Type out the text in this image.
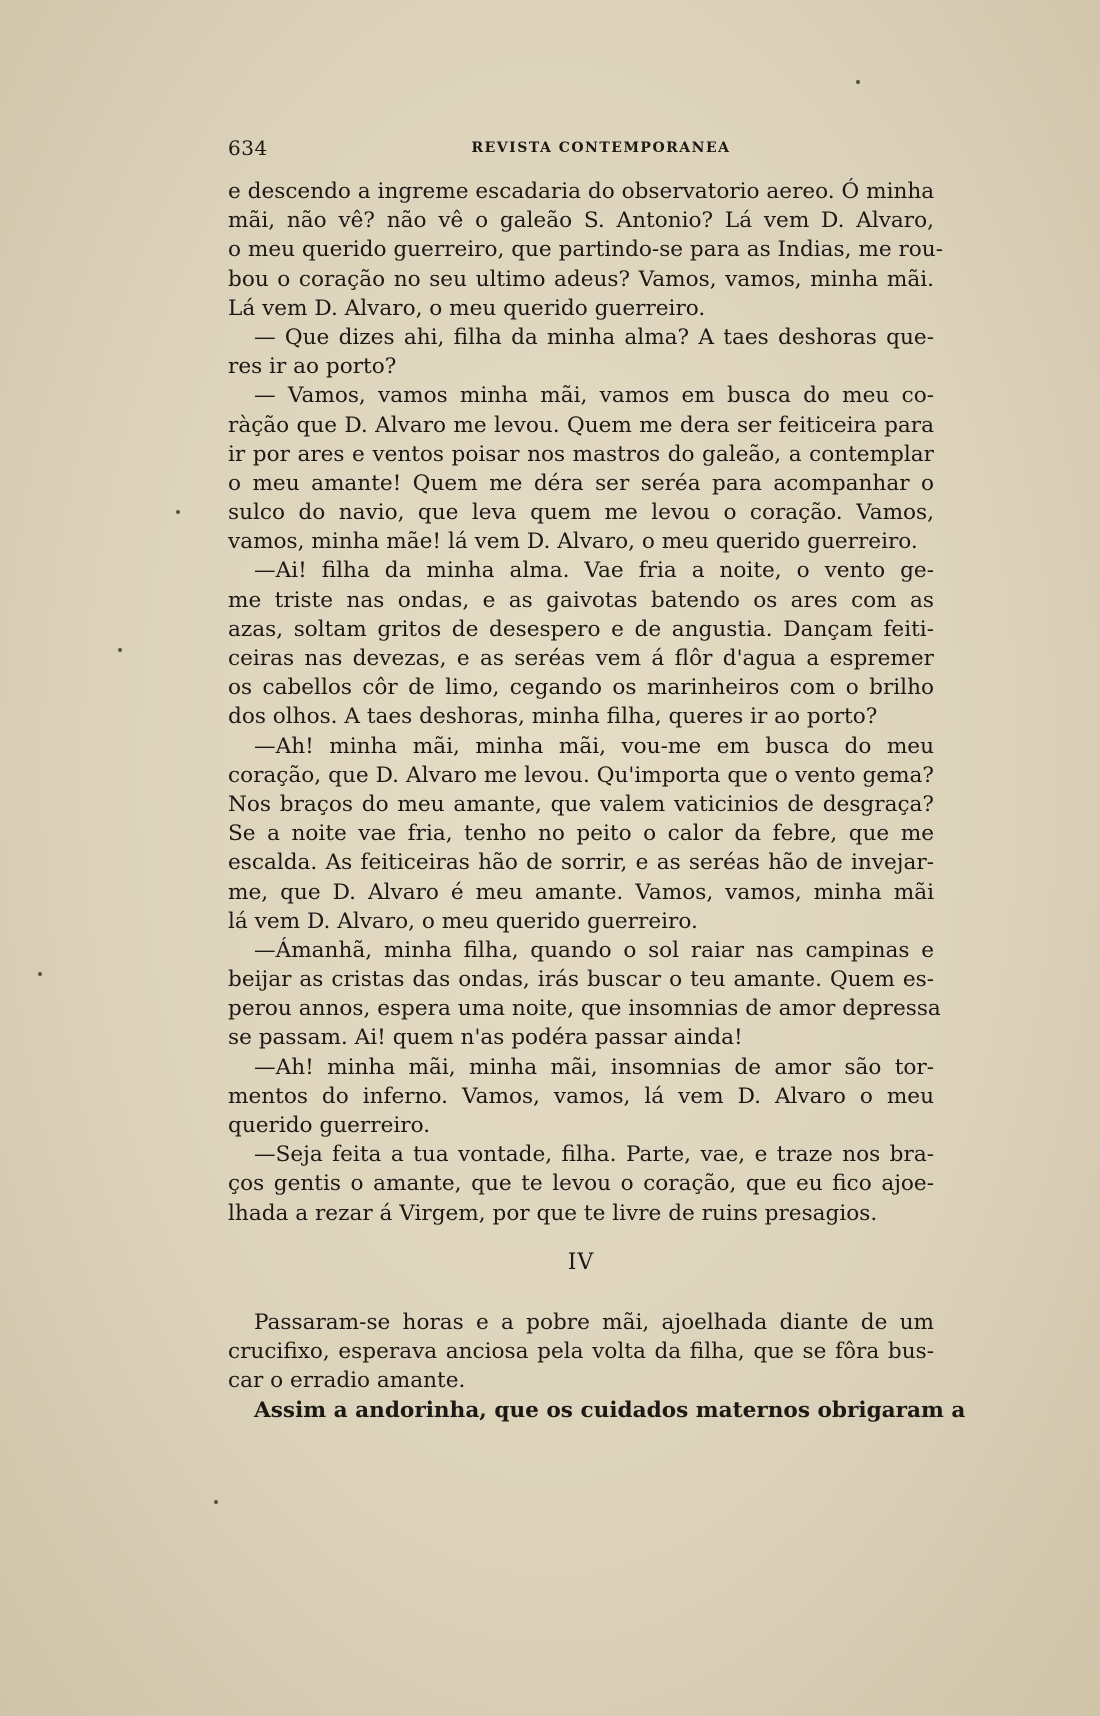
634	REVISTA CONTEMPORANEA
e descendo a ingreme escadaria do observatorio aereo. Ó minha
mãi, não vê? não vê o galeão S. Antonio? Lá vem D. Alvaro,
o meu querido guerreiro, que partindo-se para as Indias, me rou-
bou o coração no seu ultimo adeus? Vamos, vamos, minha mãi.
Lá vem D. Alvaro, o meu querido guerreiro.
— Que dizes ahi, filha da minha alma? A taes deshoras que-
res ir ao porto?
— Vamos, vamos minha mãi, vamos em busca do meu co-
ràção que D. Alvaro me levou. Quem me dera ser feiticeira para
ir por ares e ventos poisar nos mastros do galeão, a contemplar
o meu amante! Quem me déra ser seréa para acompanhar o
sulco do navio, que leva quem me levou o coração. Vamos,
vamos, minha mãe! lá vem D. Alvaro, o meu querido guerreiro.
—Ai! filha da minha alma. Vae fria a noite, o vento ge-
me triste nas ondas, e as gaivotas batendo os ares com as
azas, soltam gritos de desespero e de angustia. Dançam feiti-
ceiras nas devezas, e as seréas vem á flôr d'agua a espremer
os cabellos côr de limo, cegando os marinheiros com o brilho
dos olhos. A taes deshoras, minha filha, queres ir ao porto?
—Ah! minha mãi, minha mãi, vou-me em busca do meu
coração, que D. Alvaro me levou. Qu'importa que o vento gema?
Nos braços do meu amante, que valem vaticinios de desgraça?
Se a noite vae fria, tenho no peito o calor da febre, que me
escalda. As feiticeiras hão de sorrir, e as seréas hão de invejar-
me, que D. Alvaro é meu amante. Vamos, vamos, minha mãi
lá vem D. Alvaro, o meu querido guerreiro.
—Ámanhã, minha filha, quando o sol raiar nas campinas e
beijar as cristas das ondas, irás buscar o teu amante. Quem es-
perou annos, espera uma noite, que insomnias de amor depressa
se passam. Ai! quem n'as podéra passar ainda!
—Ah! minha mãi, minha mãi, insomnias de amor são tor-
mentos do inferno. Vamos, vamos, lá vem D. Alvaro o meu
querido guerreiro.
—Seja feita a tua vontade, filha. Parte, vae, e traze nos bra-
ços gentis o amante, que te levou o coração, que eu fico ajoe-
lhada a rezar á Virgem, por que te livre de ruins presagios.
IV
Passaram-se horas e a pobre mãi, ajoelhada diante de um
crucifixo, esperava anciosa pela volta da filha, que se fôra bus-
car o erradio amante.
Assim a andorinha, que os cuidados maternos obrigaram a
